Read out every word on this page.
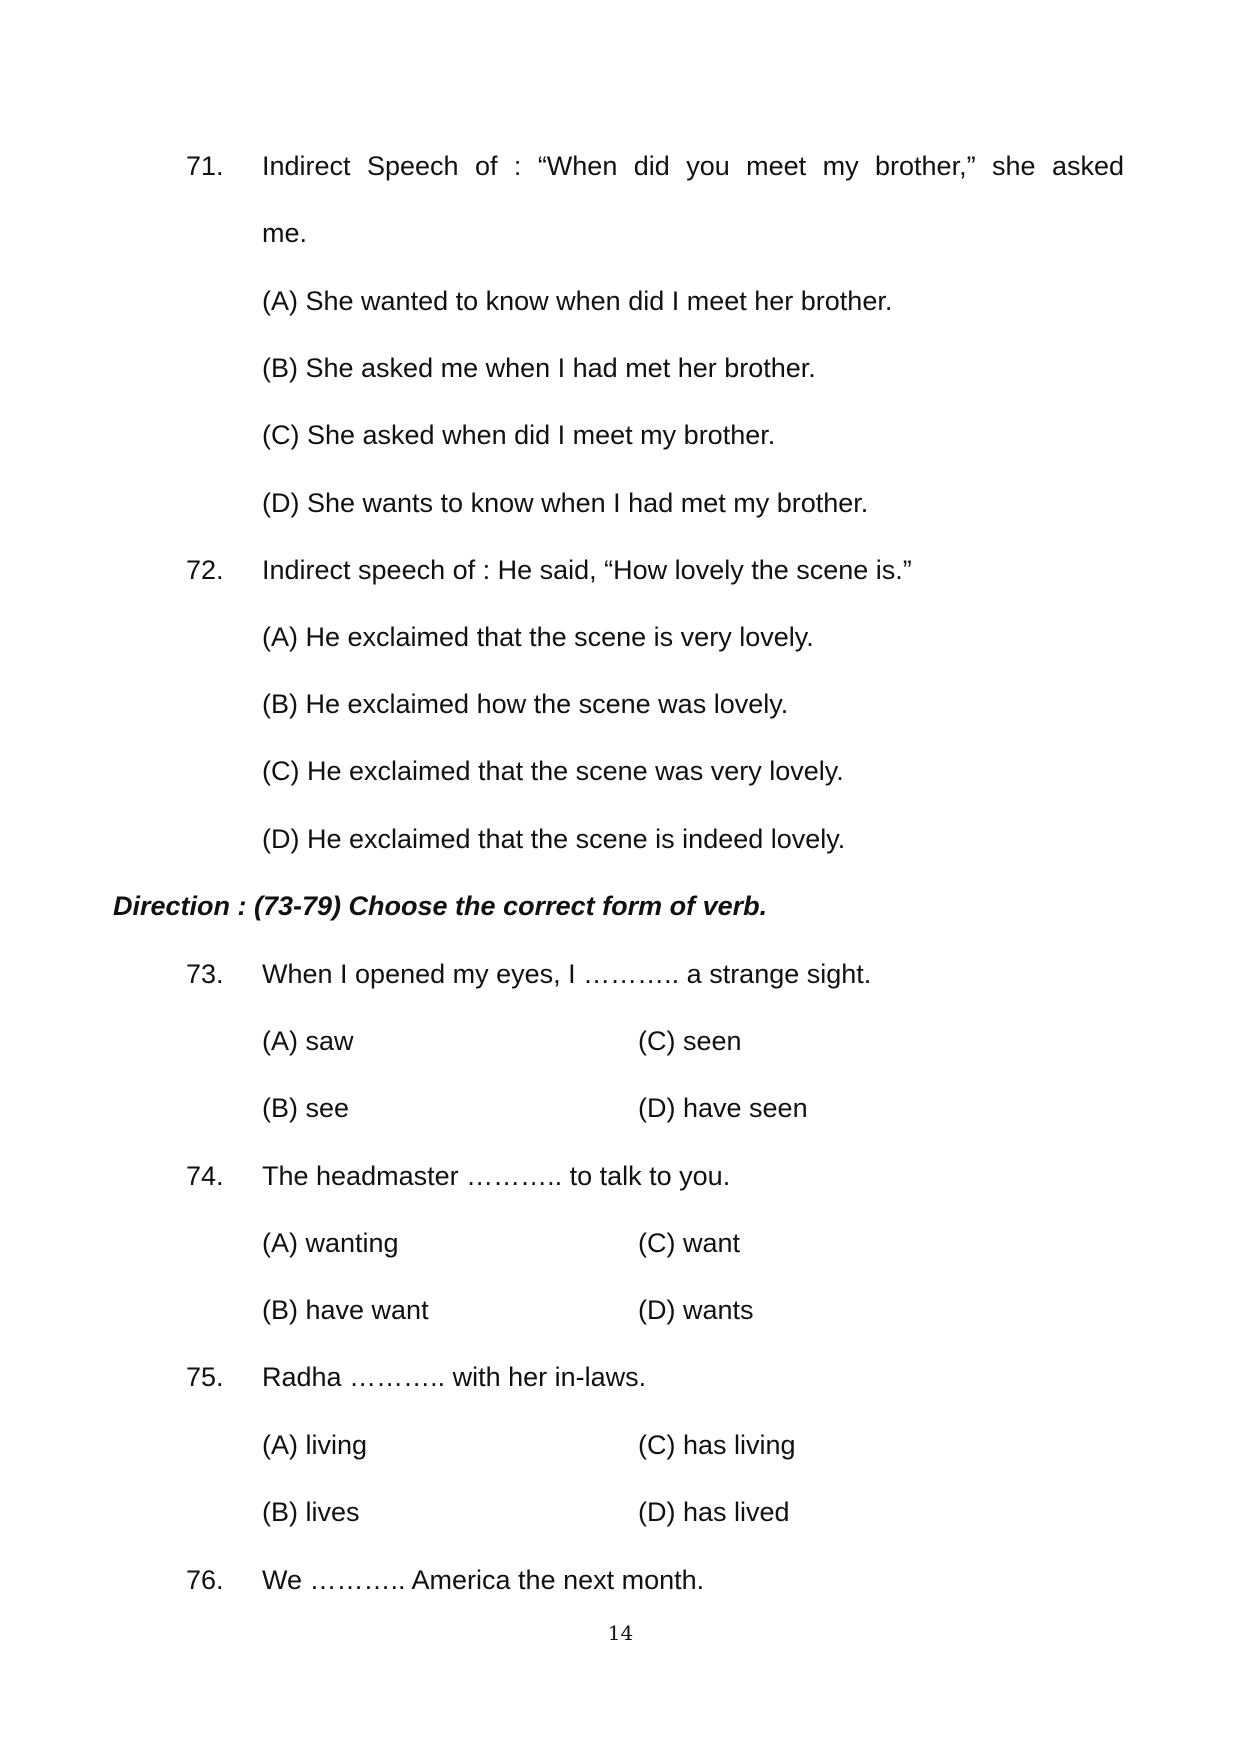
71. Indirect Speech of : “When did you meet my brother,” she asked
me.
(A) She wanted to know when did I meet her brother.
(B) She asked me when I had met her brother.
(C) She asked when did I meet my brother.
(D) She wants to know when I had met my brother.
72. Indirect speech of : He said, “How lovely the scene is.”
(A) He exclaimed that the scene is very lovely.
(B) He exclaimed how the scene was lovely.
(C) He exclaimed that the scene was very lovely.
(D) He exclaimed that the scene is indeed lovely.
Direction : (73-79) Choose the correct form of verb.
73. When I opened my eyes, I ……….. a strange sight.
(A) saw	(C) seen
(B) see	(D) have seen
74. The headmaster ……….. to talk to you.
(A) wanting	(C) want
(B) have want	(D) wants
75. Radha ……….. with her in-laws.
(A) living	(C) has living
(B) lives	(D) has lived
76. We ……….. America the next month.
14
